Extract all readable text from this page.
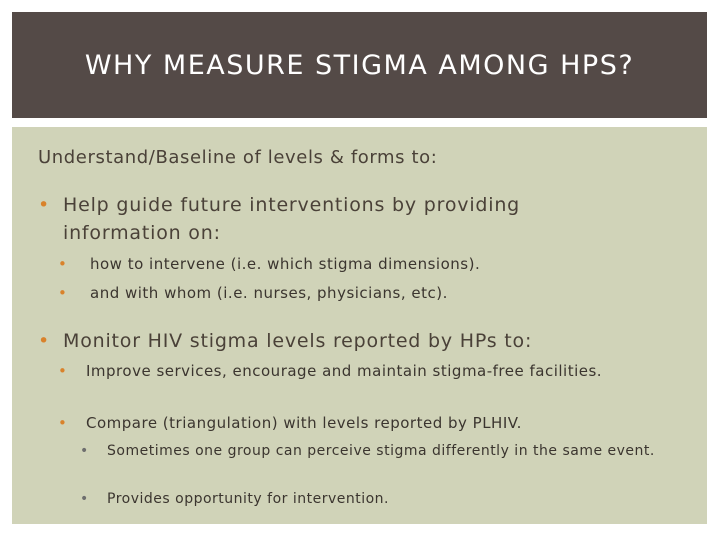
WHY MEASURE STIGMA AMONG HPS?
Understand/Baseline of levels & forms to:
• Help guide future interventions by providing information on:
•	how to intervene (i.e. which stigma dimensions).
•	and with whom (i.e. nurses, physicians, etc).
• Monitor HIV stigma levels reported by HPs to:
•	Improve services, encourage and maintain stigma-free facilities.
•	Compare (triangulation) with levels reported by PLHIV.
•	Sometimes one group can perceive stigma differently in the same event.
•	Provides opportunity for intervention.
